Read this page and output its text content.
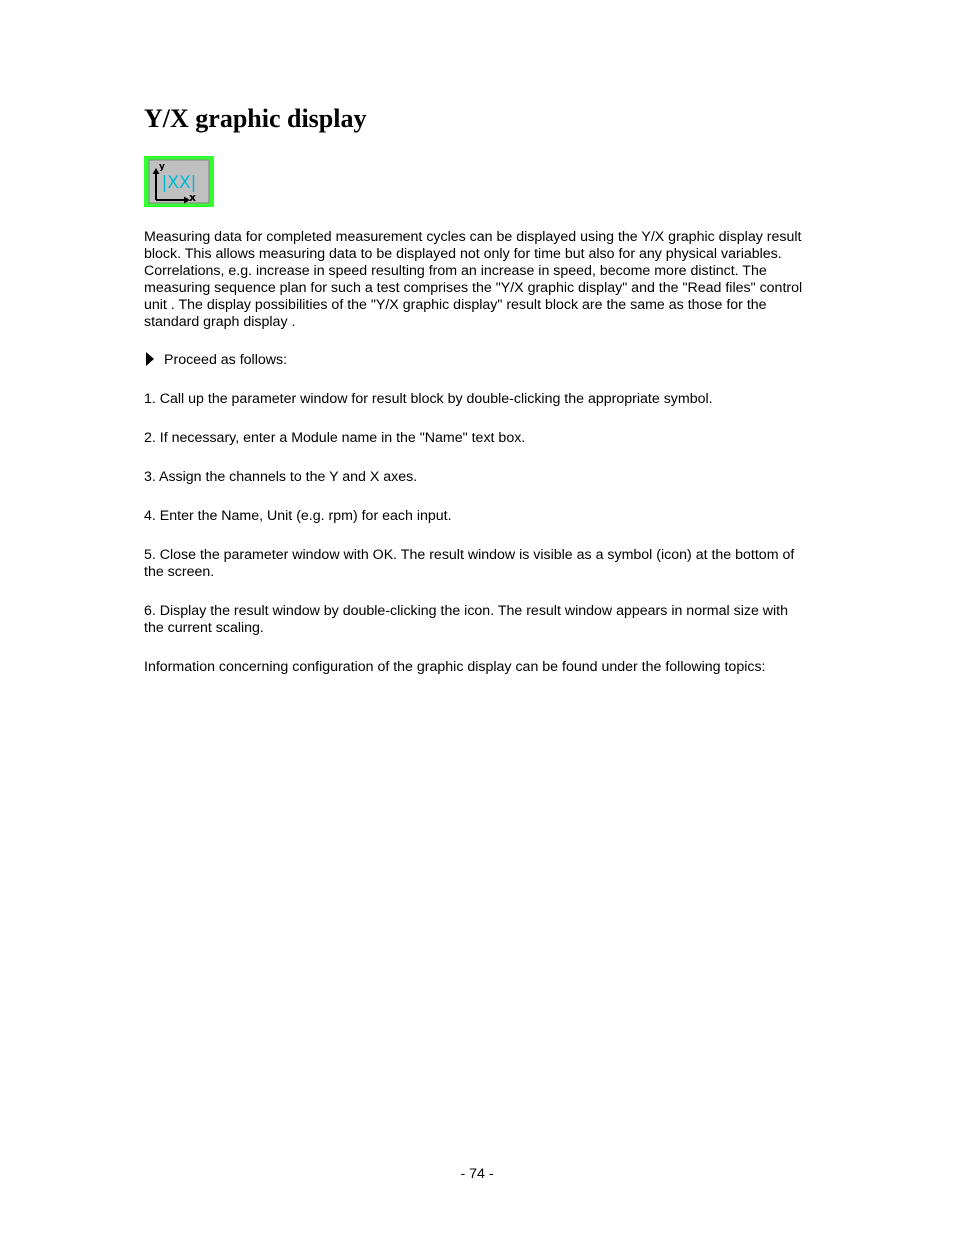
Y/X graphic display
y
x
|XX|

Measuring data for completed measurement cycles can be displayed using the Y/X graphic display result block. This allows measuring data to be displayed not only for time but also for any physical variables. Correlations, e.g. increase in speed resulting from an increase in speed, become more distinct. The measuring sequence plan for such a test comprises the "Y/X graphic display" and the "Read files" control unit . The display possibilities of the "Y/X graphic display" result block are the same as those for the standard graph display .

Proceed as follows:

1. Call up the parameter window for result block by double-clicking the appropriate symbol.

2. If necessary, enter a Module name in the "Name" text box.

3. Assign the channels to the Y and X axes.

4. Enter the Name, Unit (e.g. rpm) for each input.

5. Close the parameter window with OK. The result window is visible as a symbol (icon) at the bottom of the screen.

6. Display the result window by double-clicking the icon. The result window appears in normal size with the current scaling.

Information concerning configuration of the graphic display can be found under the following topics:

- 74 -
